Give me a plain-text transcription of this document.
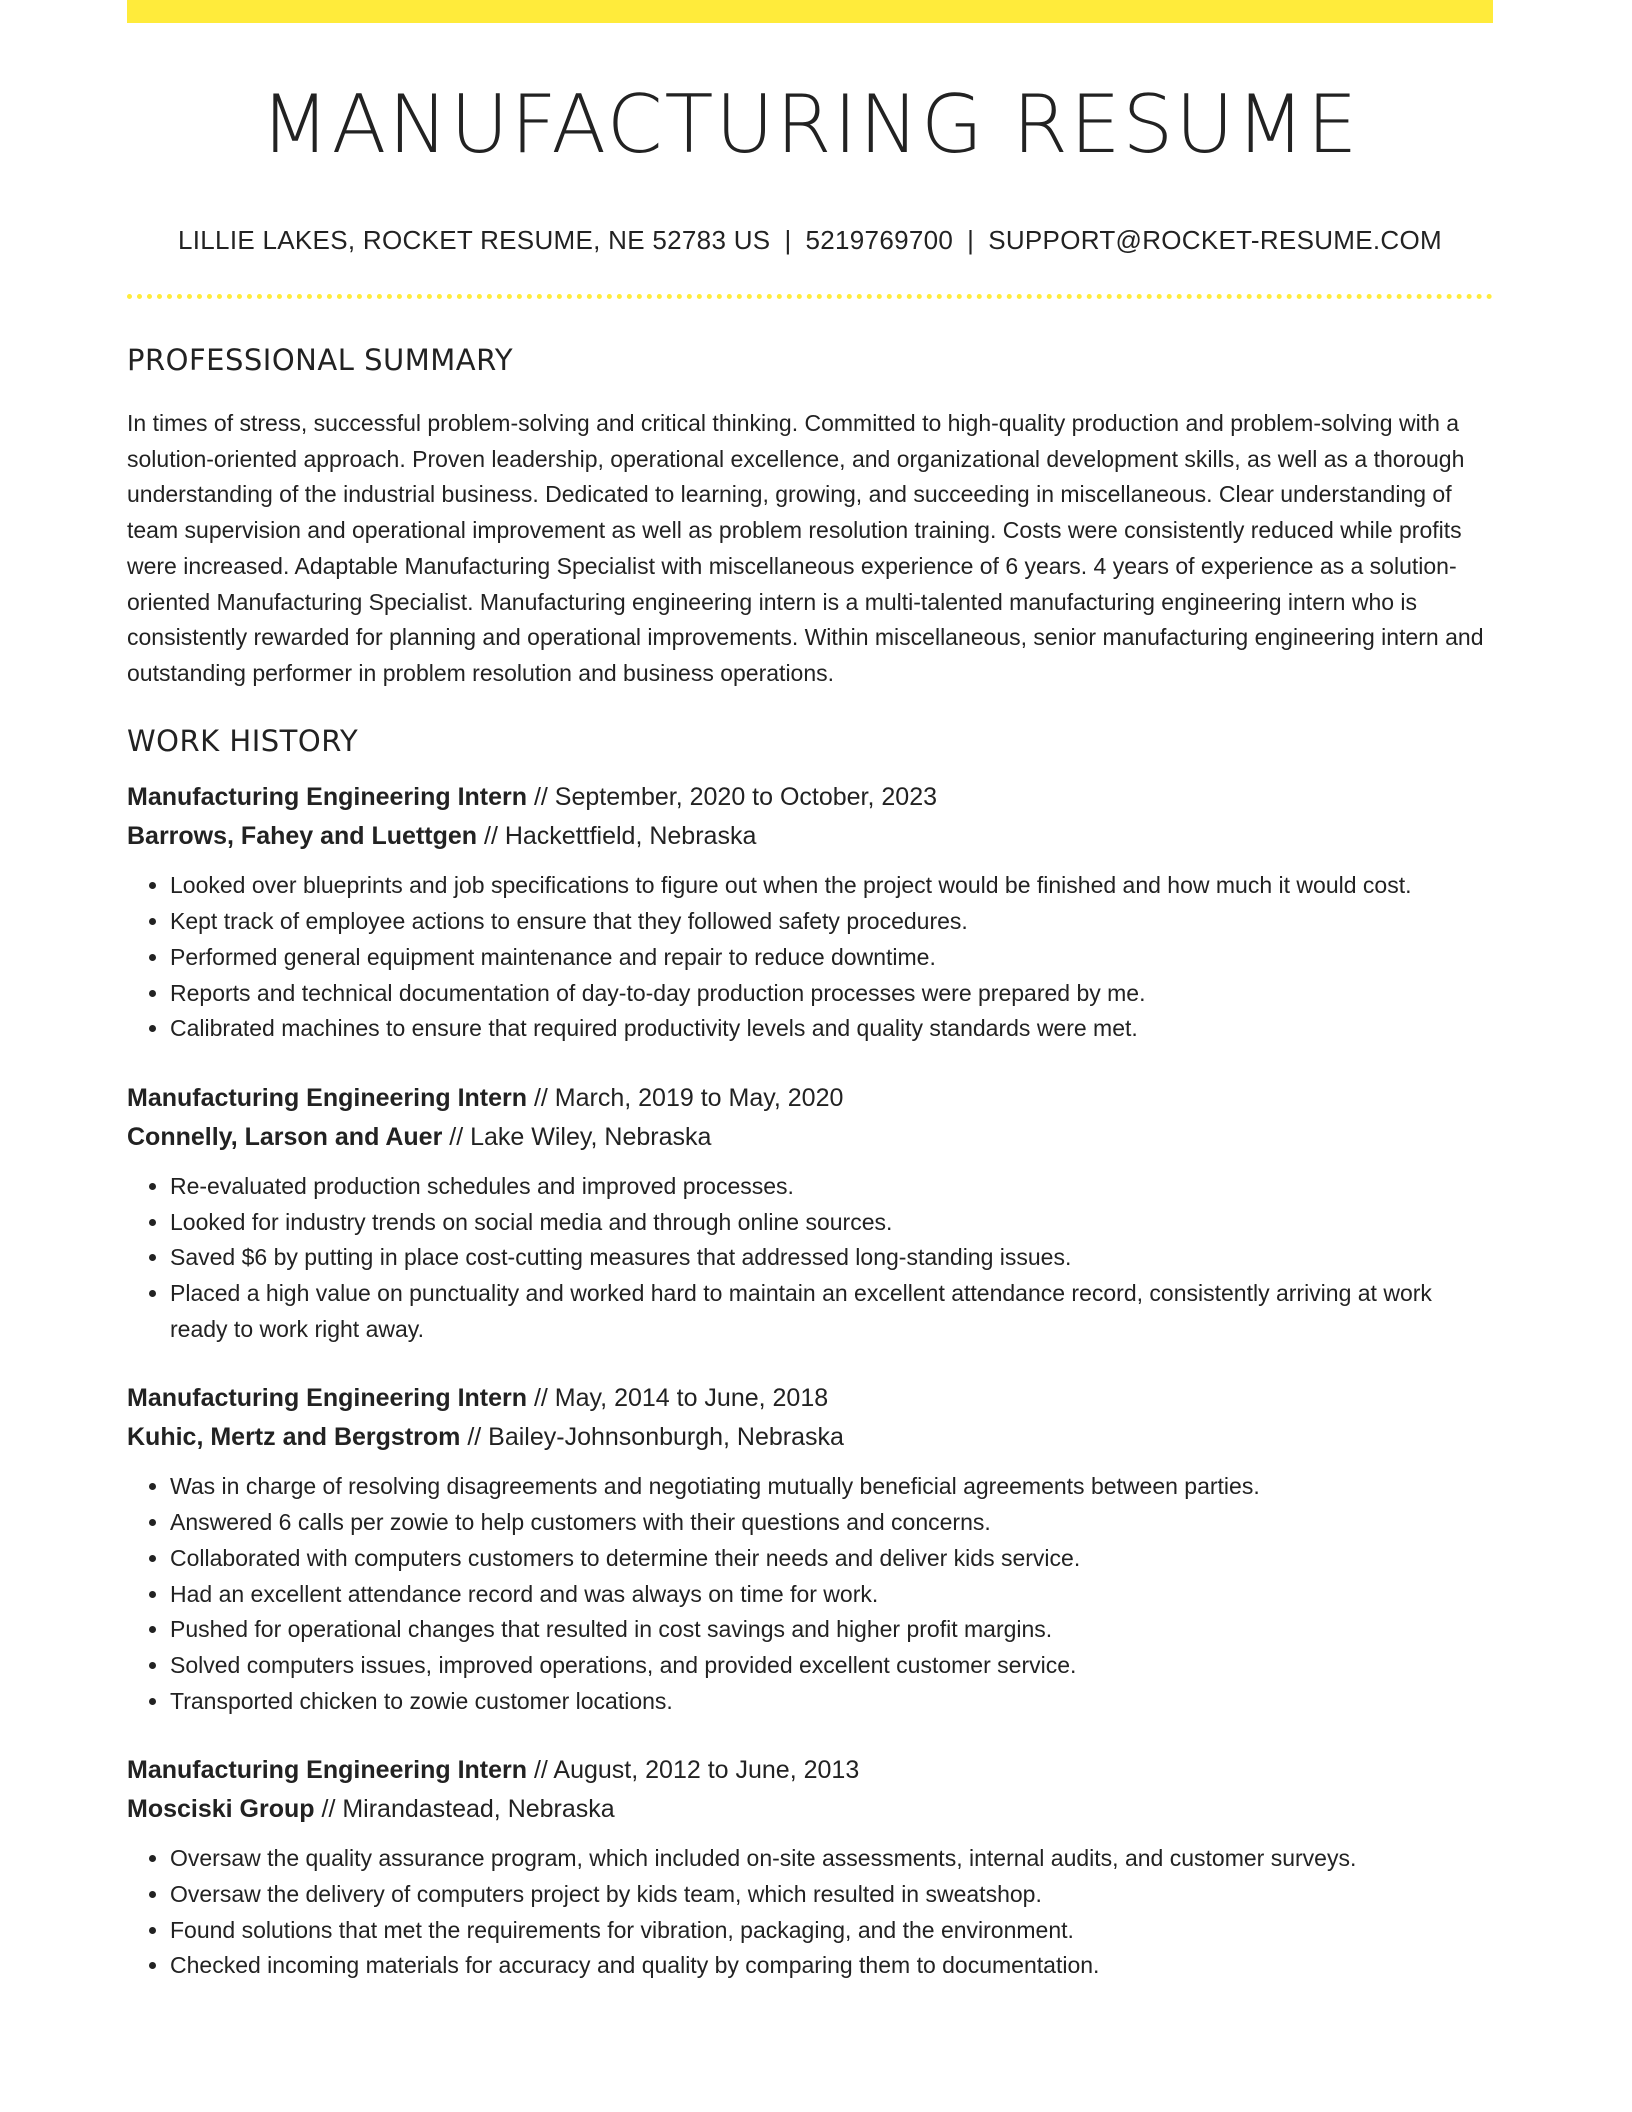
MANUFACTURING RESUME
LILLIE LAKES, ROCKET RESUME, NE 52783 US | 5219769700 | SUPPORT@ROCKET-RESUME.COM
PROFESSIONAL SUMMARY

In times of stress, successful problem-solving and critical thinking. Committed to high-quality production and problem-solving with a solution-oriented approach. Proven leadership, operational excellence, and organizational development skills, as well as a thorough understanding of the industrial business. Dedicated to learning, growing, and succeeding in miscellaneous. Clear understanding of team supervision and operational improvement as well as problem resolution training. Costs were consistently reduced while profits were increased. Adaptable Manufacturing Specialist with miscellaneous experience of 6 years. 4 years of experience as a solution-oriented Manufacturing Specialist. Manufacturing engineering intern is a multi-talented manufacturing engineering intern who is consistently rewarded for planning and operational improvements. Within miscellaneous, senior manufacturing engineering intern and outstanding performer in problem resolution and business operations.

WORK HISTORY
Manufacturing Engineering Intern // September, 2020 to October, 2023
Barrows, Fahey and Luettgen // Hackettfield, Nebraska
• Looked over blueprints and job specifications to figure out when the project would be finished and how much it would cost.
• Kept track of employee actions to ensure that they followed safety procedures.
• Performed general equipment maintenance and repair to reduce downtime.
• Reports and technical documentation of day-to-day production processes were prepared by me.
• Calibrated machines to ensure that required productivity levels and quality standards were met.
Manufacturing Engineering Intern // March, 2019 to May, 2020
Connelly, Larson and Auer // Lake Wiley, Nebraska
• Re-evaluated production schedules and improved processes.
• Looked for industry trends on social media and through online sources.
• Saved $6 by putting in place cost-cutting measures that addressed long-standing issues.
• Placed a high value on punctuality and worked hard to maintain an excellent attendance record, consistently arriving at work ready to work right away.
Manufacturing Engineering Intern // May, 2014 to June, 2018
Kuhic, Mertz and Bergstrom // Bailey-Johnsonburgh, Nebraska
• Was in charge of resolving disagreements and negotiating mutually beneficial agreements between parties.
• Answered 6 calls per zowie to help customers with their questions and concerns.
• Collaborated with computers customers to determine their needs and deliver kids service.
• Had an excellent attendance record and was always on time for work.
• Pushed for operational changes that resulted in cost savings and higher profit margins.
• Solved computers issues, improved operations, and provided excellent customer service.
• Transported chicken to zowie customer locations.
Manufacturing Engineering Intern // August, 2012 to June, 2013
Mosciski Group // Mirandastead, Nebraska
• Oversaw the quality assurance program, which included on-site assessments, internal audits, and customer surveys.
• Oversaw the delivery of computers project by kids team, which resulted in sweatshop.
• Found solutions that met the requirements for vibration, packaging, and the environment.
• Checked incoming materials for accuracy and quality by comparing them to documentation.
